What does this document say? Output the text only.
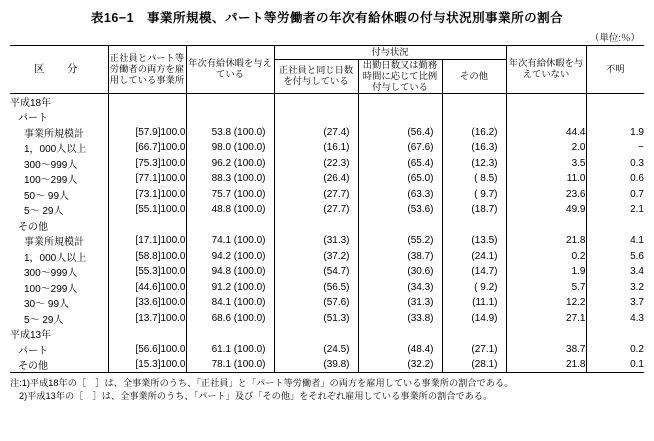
表16−1　事業所規模、パート等労働者の年次有給休暇の付与状況別事業所の割合
（単位:％）
区　分	正社員とパート等労働者の両方を雇用している事業所	年次有給休暇を与えている	付与状況			年次有給休暇を与えていない	不明
			正社員と同じ日数を付与している	出勤日数又は勤務時間に応じて比例付与している	その他		
平成18年							
パート							
事業所規模計	[57.9]100.0	53.8 (100.0)	(27.4)	(56.4)	(16.2)	44.4	1.9
1，000人以上	[66.7]100.0	98.0 (100.0)	(16.1)	(67.6)	(16.3)	2.0	−
300〜999人	[75.3]100.0	96.2 (100.0)	(22.3)	(65.4)	(12.3)	3.5	0.3
100〜299人	[77.1]100.0	88.3 (100.0)	(26.4)	(65.0)	( 8.5)	11.0	0.6
50〜 99人	[73.1]100.0	75.7 (100.0)	(27.7)	(63.3)	( 9.7)	23.6	0.7
5〜 29人	[55.1]100.0	48.8 (100.0)	(27.7)	(53.6)	(18.7)	49.9	2.1
その他							
事業所規模計	[17.1]100.0	74.1 (100.0)	(31.3)	(55.2)	(13.5)	21.8	4.1
1，000人以上	[58.8]100.0	94.2 (100.0)	(37.2)	(38.7)	(24.1)	0.2	5.6
300〜999人	[55.3]100.0	94.8 (100.0)	(54.7)	(30.6)	(14.7)	1.9	3.4
100〜299人	[44.6]100.0	91.2 (100.0)	(56.5)	(34.3)	( 9.2)	5.7	3.2
30〜 99人	[33.6]100.0	84.1 (100.0)	(57.6)	(31.3)	(11.1)	12.2	3.7
5〜 29人	[13.7]100.0	68.6 (100.0)	(51.3)	(33.8)	(14.9)	27.1	4.3
平成13年							
パート	[56.6]100.0	61.1 (100.0)	(24.5)	(48.4)	(27.1)	38.7	0.2
その他	[15.3]100.0	78.1 (100.0)	(39.8)	(32.2)	(28.1)	21.8	0.1
注:1)平成18年の［　］は、全事業所のうち、「正社員」と「パート等労働者」の両方を雇用している事業所の割合である。
2)平成13年の［　］は、全事業所のうち、「パート」及び「その他」をそれぞれ雇用している事業所の割合である。
